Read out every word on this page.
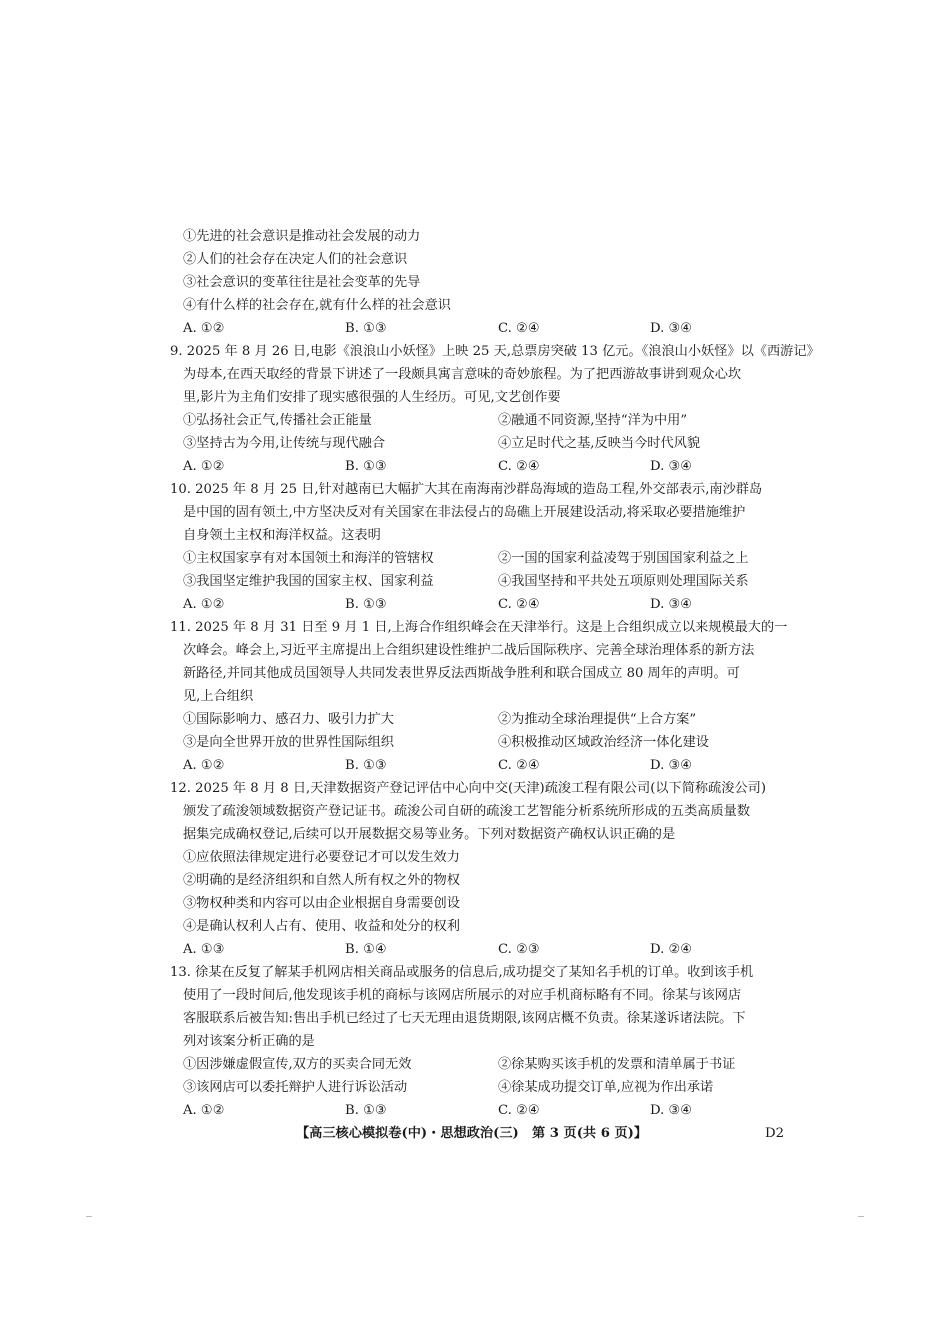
①先进的社会意识是推动社会发展的动力
②人们的社会存在决定人们的社会意识
③社会意识的变革往往是社会变革的先导
④有什么样的社会存在,就有什么样的社会意识
A. ①②	B. ①③	C. ②④	D. ③④
9. 2025 年 8 月 26 日,电影《浪浪山小妖怪》上映 25 天,总票房突破 13 亿元。《浪浪山小妖怪》以《西游记》
为母本,在西天取经的背景下讲述了一段颇具寓言意味的奇妙旅程。为了把西游故事讲到观众心坎
里,影片为主角们安排了现实感很强的人生经历。可见,文艺创作要
①弘扬社会正气,传播社会正能量	②融通不同资源,坚持“洋为中用”
③坚持古为今用,让传统与现代融合	④立足时代之基,反映当今时代风貌
A. ①②	B. ①③	C. ②④	D. ③④
10. 2025 年 8 月 25 日,针对越南已大幅扩大其在南海南沙群岛海域的造岛工程,外交部表示,南沙群岛
是中国的固有领土,中方坚决反对有关国家在非法侵占的岛礁上开展建设活动,将采取必要措施维护
自身领土主权和海洋权益。这表明
①主权国家享有对本国领土和海洋的管辖权	②一国的国家利益凌驾于别国国家利益之上
③我国坚定维护我国的国家主权、国家利益	④我国坚持和平共处五项原则处理国际关系
A. ①②	B. ①③	C. ②④	D. ③④
11. 2025 年 8 月 31 日至 9 月 1 日,上海合作组织峰会在天津举行。这是上合组织成立以来规模最大的一
次峰会。峰会上,习近平主席提出上合组织建设性维护二战后国际秩序、完善全球治理体系的新方法
新路径,并同其他成员国领导人共同发表世界反法西斯战争胜利和联合国成立 80 周年的声明。可
见,上合组织
①国际影响力、感召力、吸引力扩大	②为推动全球治理提供“上合方案”
③是向全世界开放的世界性国际组织	④积极推动区域政治经济一体化建设
A. ①②	B. ①③	C. ②④	D. ③④
12. 2025 年 8 月 8 日,天津数据资产登记评估中心向中交(天津)疏浚工程有限公司(以下简称疏浚公司)
颁发了疏浚领域数据资产登记证书。疏浚公司自研的疏浚工艺智能分析系统所形成的五类高质量数
据集完成确权登记,后续可以开展数据交易等业务。下列对数据资产确权认识正确的是
①应依照法律规定进行必要登记才可以发生效力
②明确的是经济组织和自然人所有权之外的物权
③物权种类和内容可以由企业根据自身需要创设
④是确认权利人占有、使用、收益和处分的权利
A. ①③	B. ①④	C. ②③	D. ②④
13. 徐某在反复了解某手机网店相关商品或服务的信息后,成功提交了某知名手机的订单。收到该手机
使用了一段时间后,他发现该手机的商标与该网店所展示的对应手机商标略有不同。徐某与该网店
客服联系后被告知:售出手机已经过了七天无理由退货期限,该网店概不负责。徐某遂诉诸法院。下
列对该案分析正确的是
①因涉嫌虚假宣传,双方的买卖合同无效	②徐某购买该手机的发票和清单属于书证
③该网店可以委托辩护人进行诉讼活动	④徐某成功提交订单,应视为作出承诺
A. ①②	B. ①③	C. ②④	D. ③④
【高三核心模拟卷(中)・思想政治(三)　第 3 页(共 6 页)】	D2
